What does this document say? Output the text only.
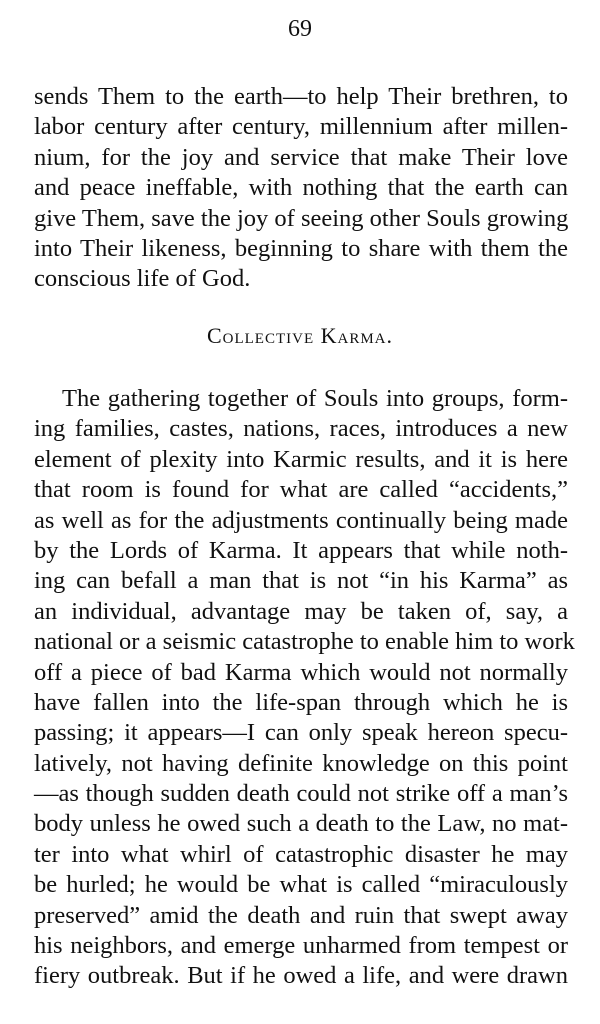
69
sends Them to the earth—to help Their brethren, to
labor century after century, millennium after millen-
nium, for the joy and service that make Their love
and peace ineffable, with nothing that the earth can
give Them, save the joy of seeing other Souls growing
into Their likeness, beginning to share with them the
conscious life of God.
Collective Karma.
The gathering together of Souls into groups, form-
ing families, castes, nations, races, introduces a new
element of plexity into Karmic results, and it is here
that room is found for what are called “accidents,”
as well as for the adjustments continually being made
by the Lords of Karma. It appears that while noth-
ing can befall a man that is not “in his Karma” as
an individual, advantage may be taken of, say, a
national or a seismic catastrophe to enable him to work
off a piece of bad Karma which would not normally
have fallen into the life-span through which he is
passing; it appears—I can only speak hereon specu-
latively, not having definite knowledge on this point
—as though sudden death could not strike off a man’s
body unless he owed such a death to the Law, no mat-
ter into what whirl of catastrophic disaster he may
be hurled; he would be what is called “miraculously
preserved” amid the death and ruin that swept away
his neighbors, and emerge unharmed from tempest or
fiery outbreak. But if he owed a life, and were drawn
